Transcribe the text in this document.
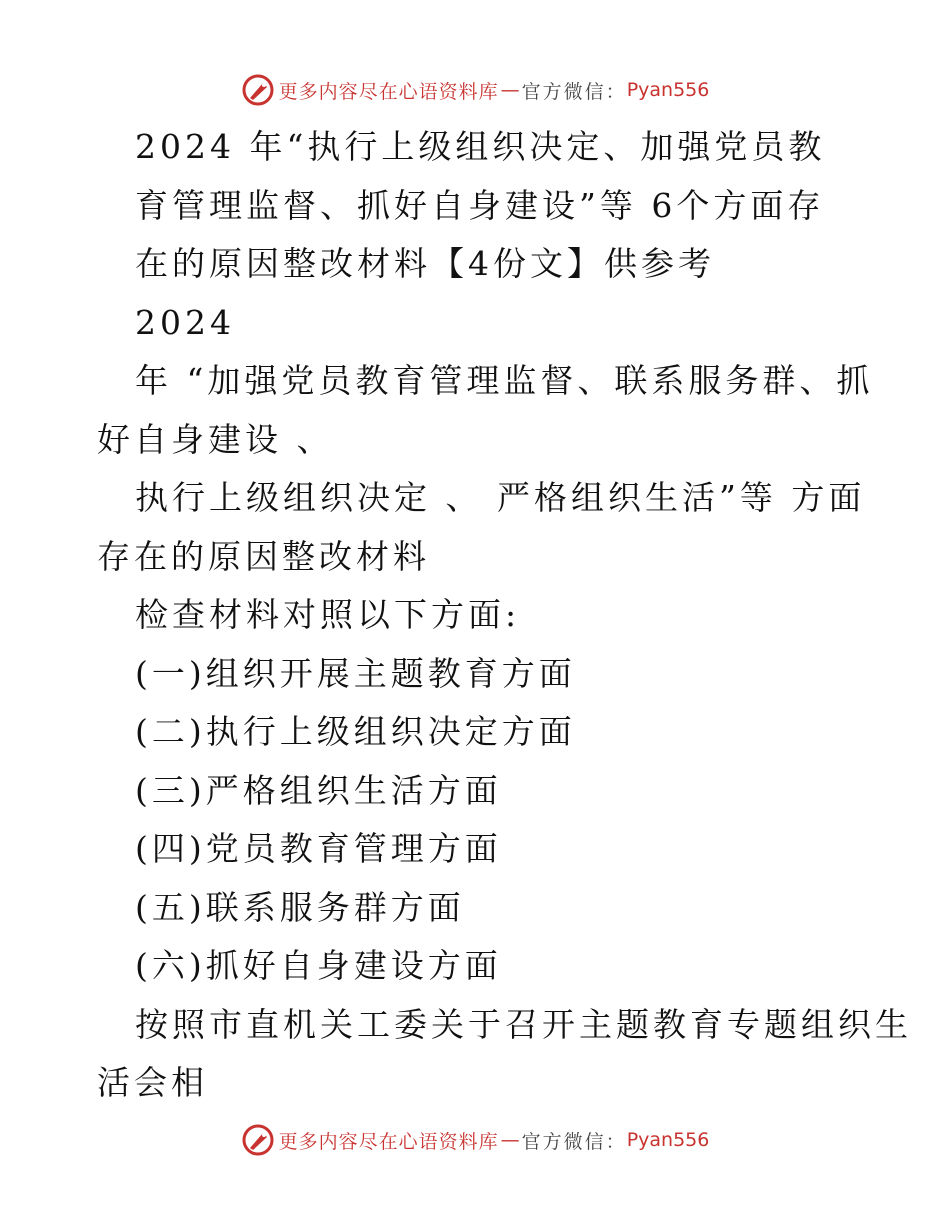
更多内容尽在心语资料库 — 官方微信： Pyan556
2024 年“执行上级组织决定、加强党员教
育管理监督、抓好自身建设”等 6个方面存
在的原因整改材料【4份文】供参考
2024
年 “加强党员教育管理监督、联系服务群、抓
好自身建设 、
执行上级组织决定 、 严格组织生活”等 方面
存在的原因整改材料
检查材料对照以下方面:
(一)组织开展主题教育方面
(二)执行上级组织决定方面
(三)严格组织生活方面
(四)党员教育管理方面
(五)联系服务群方面
(六)抓好自身建设方面
按照市直机关工委关于召开主题教育专题组织生
活会相
更多内容尽在心语资料库 — 官方微信： Pyan556
